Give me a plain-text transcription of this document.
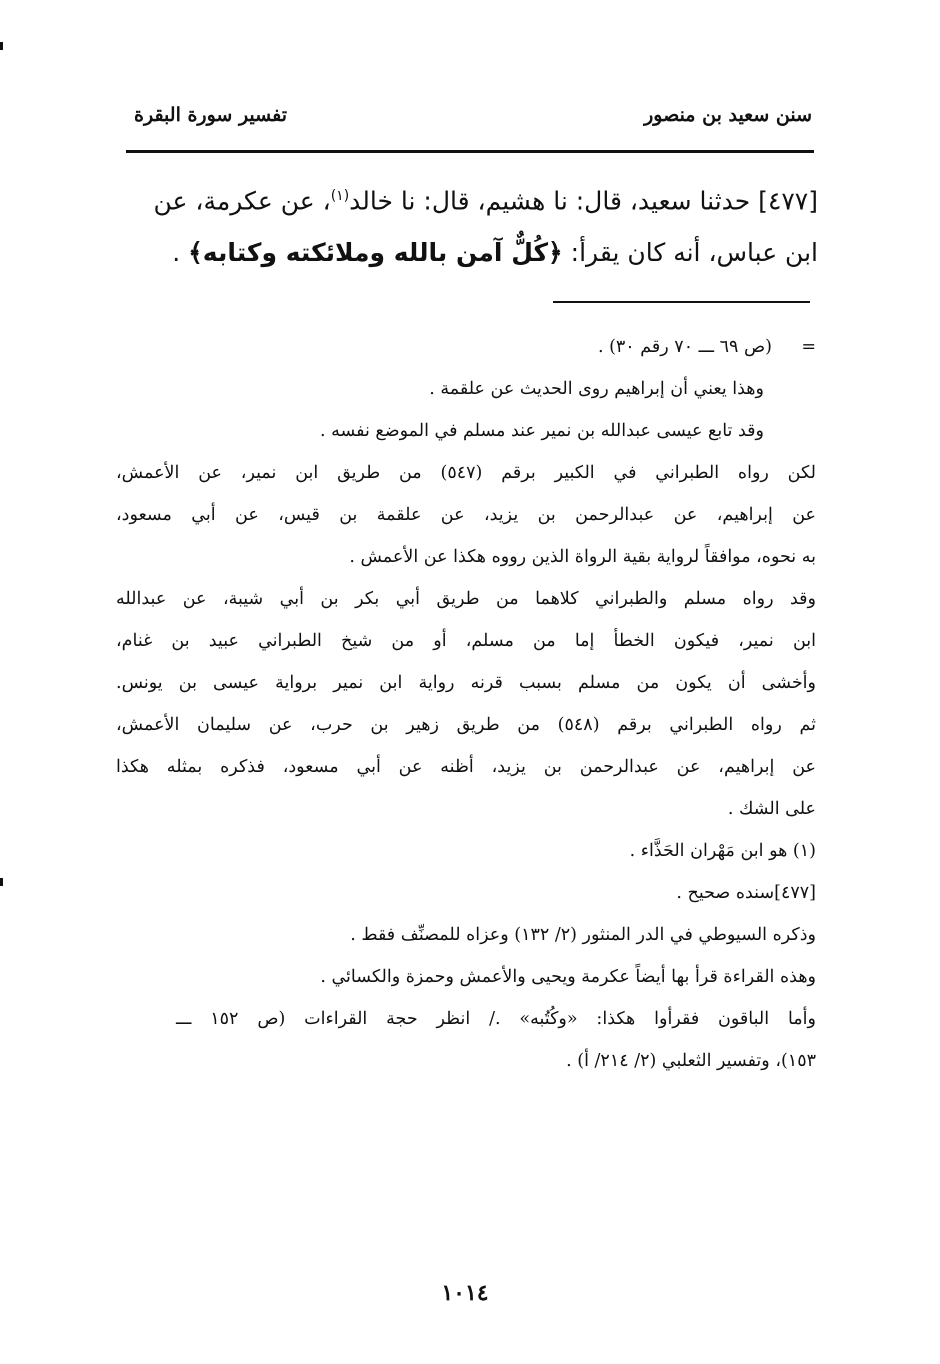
سنن سعيد بن منصور
تفسير سورة البقرة
[٤٧٧] حدثنا سعيد، قال: نا هشيم، قال: نا خالد$^{(١)}$، عن عكرمة، عن
ابن عباس، أنه كان يقرأ: ﴿كُلٌّ آمن بالله وملائكته وكتابه﴾ .
=(ص ٦٩ ـــ ٧٠ رقم ٣٠) .
وهذا يعني أن إبراهيم روى الحديث عن علقمة .
وقد تابع عيسى عبدالله بن نمير عند مسلم في الموضع نفسه .
لكن رواه الطبراني في الكبير برقم (٥٤٧) من طريق ابن نمير، عن الأعمش،
عن إبراهيم، عن عبدالرحمن بن يزيد، عن علقمة بن قيس، عن أبي مسعود،
به نحوه، موافقاً لرواية بقية الرواة الذين رووه هكذا عن الأعمش .
وقد رواه مسلم والطبراني كلاهما من طريق أبي بكر بن أبي شيبة، عن عبدالله
ابن نمير، فيكون الخطأ إما من مسلم، أو من شيخ الطبراني عبيد بن غنام،
وأخشى أن يكون من مسلم بسبب قرنه رواية ابن نمير برواية عيسى بن يونس.
ثم رواه الطبراني برقم (٥٤٨) من طريق زهير بن حرب، عن سليمان الأعمش،
عن إبراهيم، عن عبدالرحمن بن يزيد، أظنه عن أبي مسعود، فذكره بمثله هكذا
على الشك .
(١) هو ابن مَهْران الحَذَّاء .
[٤٧٧]سنده صحيح .
وذكره السيوطي في الدر المنثور (٢/ ١٣٢) وعزاه للمصنِّف فقط .
وهذه القراءة قرأ بها أيضاً عكرمة ويحيى والأعمش وحمزة والكسائي .
وأما الباقون فقرأوا هكذا: «وكُتُبه» ./ انظر حجة القراءات (ص ١٥٢ ـــ
١٥٣)، وتفسير الثعلبي (٢/ ٢١٤/ أ) .
١٠١٤
